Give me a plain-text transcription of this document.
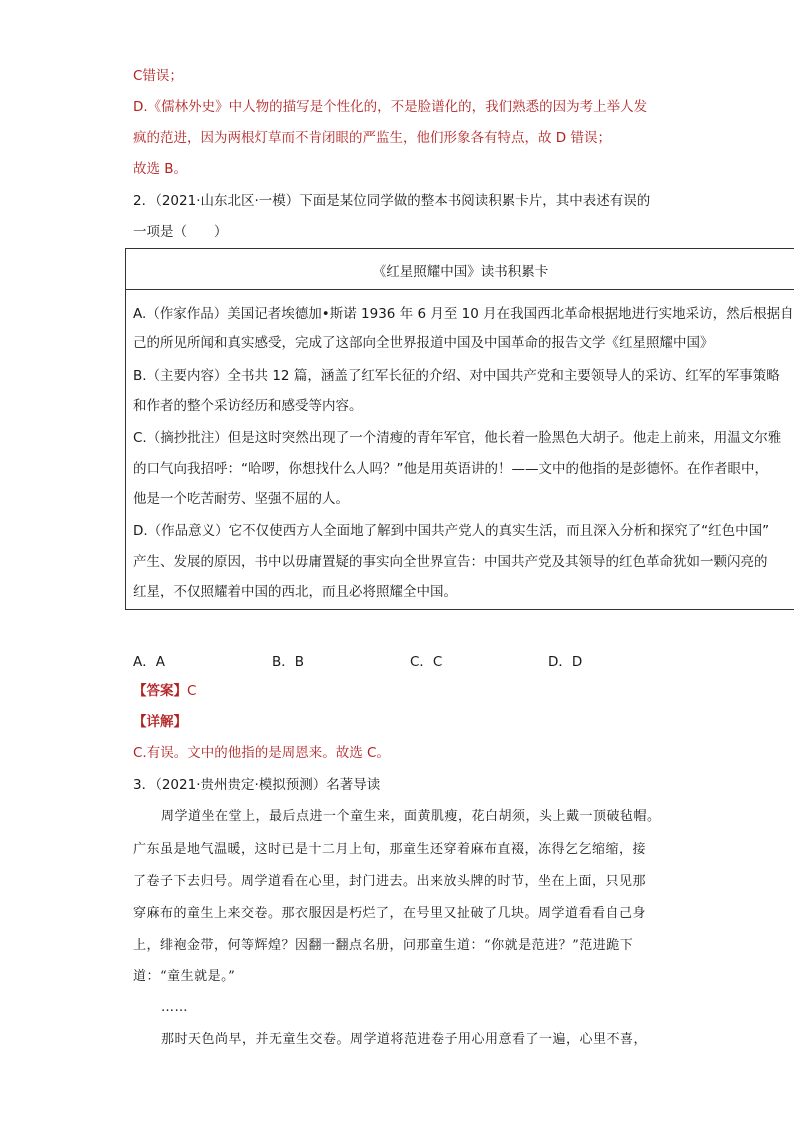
C错误；
D.《儒林外史》中人物的描写是个性化的，不是脸谱化的，我们熟悉的因为考上举人发
疯的范进，因为两根灯草而不肯闭眼的严监生，他们形象各有特点，故 D 错误；
故选 B。
2．（2021·山东北区·一模）下面是某位同学做的整本书阅读积累卡片，其中表述有误的
一项是（　　）
《红星照耀中国》读书积累卡
A.（作家作品）美国记者埃德加•斯诺 1936 年 6 月至 10 月在我国西北革命根据地进行实地采访，然后根据自
己的所见所闻和真实感受，完成了这部向全世界报道中国及中国革命的报告文学《红星照耀中国》
B.（主要内容）全书共 12 篇，涵盖了红军长征的介绍、对中国共产党和主要领导人的采访、红军的军事策略
和作者的整个采访经历和感受等内容。
C.（摘抄批注）但是这时突然出现了一个清瘦的青年军官，他长着一脸黑色大胡子。他走上前来，用温文尔雅
的口气向我招呼：“哈啰，你想找什么人吗？”他是用英语讲的！——文中的他指的是彭德怀。在作者眼中，
他是一个吃苦耐劳、坚强不屈的人。
D.（作品意义）它不仅使西方人全面地了解到中国共产党人的真实生活，而且深入分析和探究了“红色中国”
产生、发展的原因，书中以毋庸置疑的事实向全世界宣告：中国共产党及其领导的红色革命犹如一颗闪亮的
红星，不仅照耀着中国的西北，而且必将照耀全中国。
A．A	B．B	C．C	D．D
【答案】C
【详解】
C.有误。文中的他指的是周恩来。故选 C。
3．（2021·贵州贵定·模拟预测）名著导读
周学道坐在堂上，最后点进一个童生来，面黄肌瘦，花白胡须，头上戴一顶破毡帽。
广东虽是地气温暖，这时已是十二月上旬，那童生还穿着麻布直裰，冻得乞乞缩缩，接
了卷子下去归号。周学道看在心里，封门进去。出来放头牌的时节，坐在上面，只见那
穿麻布的童生上来交卷。那衣服因是朽烂了，在号里又扯破了几块。周学道看看自己身
上，绯袍金带，何等辉煌？因翻一翻点名册，问那童生道：“你就是范进？”范进跪下
道：“童生就是。”
……
那时天色尚早，并无童生交卷。周学道将范进卷子用心用意看了一遍，心里不喜，
